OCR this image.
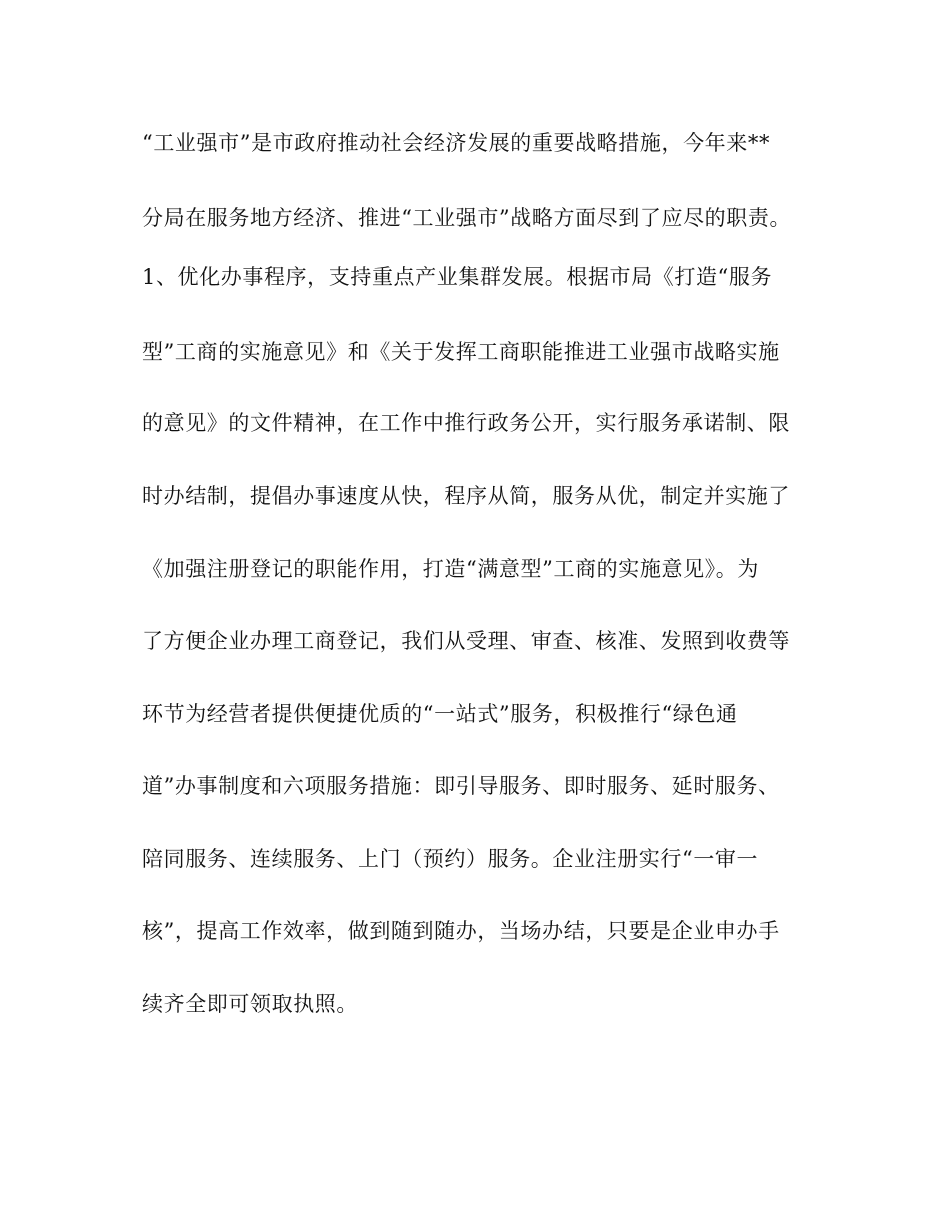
“工业强市”是市政府推动社会经济发展的重要战略措施，今年来**
分局在服务地方经济、推进“工业强市”战略方面尽到了应尽的职责。
1、优化办事程序，支持重点产业集群发展。根据市局《打造“服务
型”工商的实施意见》和《关于发挥工商职能推进工业强市战略实施
的意见》的文件精神，在工作中推行政务公开，实行服务承诺制、限
时办结制，提倡办事速度从快，程序从简，服务从优，制定并实施了
《加强注册登记的职能作用，打造“满意型”工商的实施意见》。为
了方便企业办理工商登记，我们从受理、审查、核准、发照到收费等
环节为经营者提供便捷优质的“一站式”服务，积极推行“绿色通
道”办事制度和六项服务措施：即引导服务、即时服务、延时服务、
陪同服务、连续服务、上门（预约）服务。企业注册实行“一审一
核”，提高工作效率，做到随到随办，当场办结，只要是企业申办手
续齐全即可领取执照。
